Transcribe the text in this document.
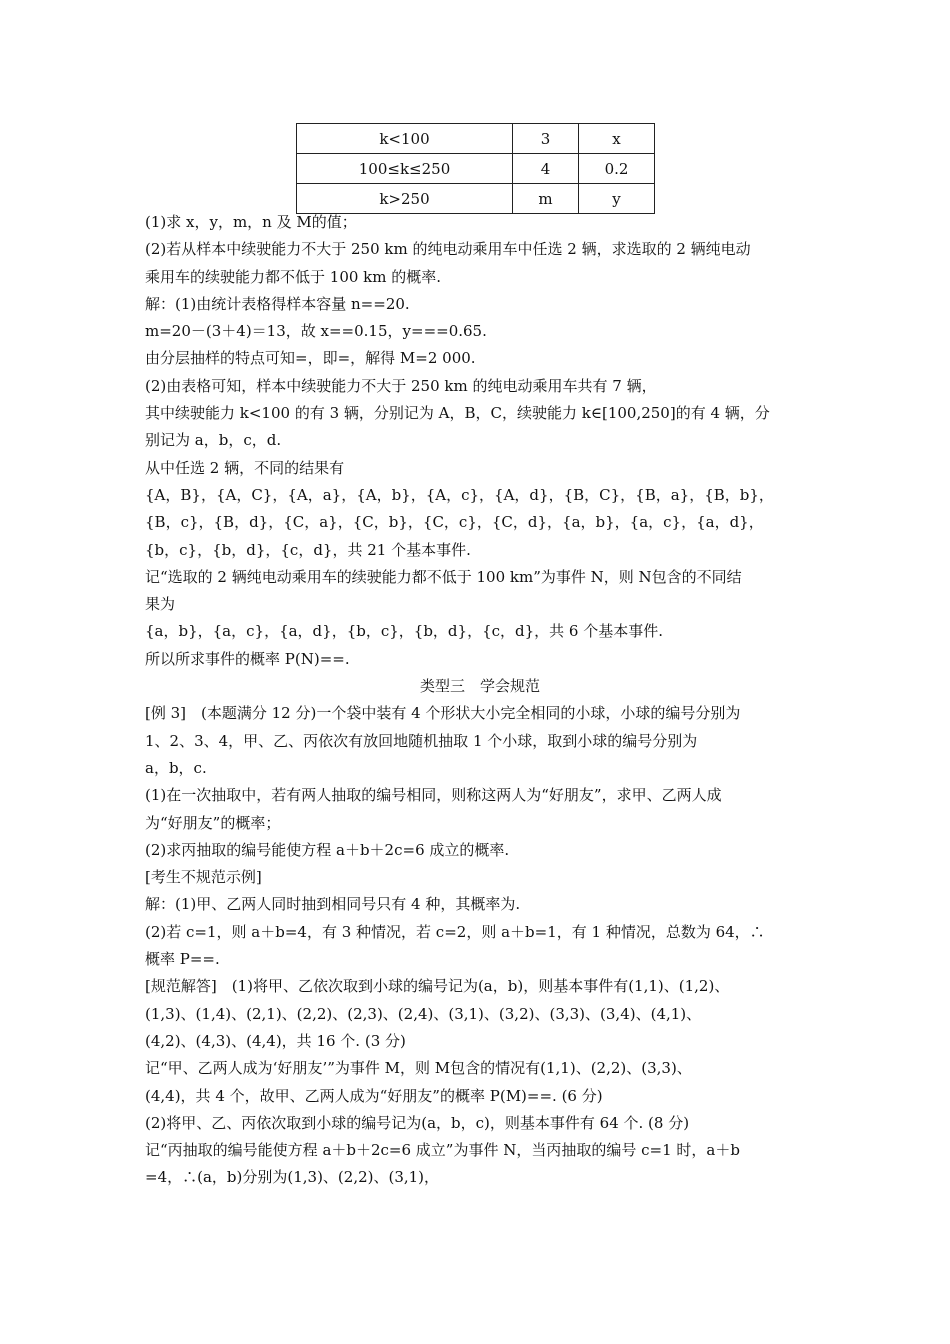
k<100	3	x
100≤k≤250	4	0.2
k>250	m	y
(1)求 x，y，m，n 及 M的值；
(2)若从样本中续驶能力不大于 250 km 的纯电动乘用车中任选 2 辆，求选取的 2 辆纯电动
乘用车的续驶能力都不低于 100 km 的概率.
解：(1)由统计表格得样本容量 n==20.
m=20－(3＋4)＝13，故 x==0.15，y===0.65.
由分层抽样的特点可知=，即=，解得 M=2 000.
(2)由表格可知，样本中续驶能力不大于 250 km 的纯电动乘用车共有 7 辆，
其中续驶能力 k<100 的有 3 辆，分别记为 A，B，C，续驶能力 k∈[100,250]的有 4 辆，分
别记为 a，b，c，d.
从中任选 2 辆，不同的结果有
{A，B}，{A，C}，{A，a}，{A，b}，{A，c}，{A，d}，{B，C}，{B，a}，{B，b}，
{B，c}，{B，d}，{C，a}，{C，b}，{C，c}，{C，d}，{a，b}，{a，c}，{a，d}，
{b，c}，{b，d}，{c，d}，共 21 个基本事件.
记“选取的 2 辆纯电动乘用车的续驶能力都不低于 100 km”为事件 N，则 N包含的不同结
果为
{a，b}，{a，c}，{a，d}，{b，c}，{b，d}，{c，d}，共 6 个基本事件.
所以所求事件的概率 P(N)==.
类型三　学会规范
[例 3]　(本题满分 12 分)一个袋中装有 4 个形状大小完全相同的小球，小球的编号分别为
1、2、3、4，甲、乙、丙依次有放回地随机抽取 1 个小球，取到小球的编号分别为
a，b，c.
(1)在一次抽取中，若有两人抽取的编号相同，则称这两人为“好朋友”，求甲、乙两人成
为“好朋友”的概率；
(2)求丙抽取的编号能使方程 a＋b＋2c=6 成立的概率.
[考生不规范示例]
解：(1)甲、乙两人同时抽到相同号只有 4 种，其概率为.
(2)若 c=1，则 a＋b=4，有 3 种情况，若 c=2，则 a＋b=1，有 1 种情况，总数为 64，∴
概率 P==.
[规范解答]　(1)将甲、乙依次取到小球的编号记为(a，b)，则基本事件有(1,1)、(1,2)、
(1,3)、(1,4)、(2,1)、(2,2)、(2,3)、(2,4)、(3,1)、(3,2)、(3,3)、(3,4)、(4,1)、
(4,2)、(4,3)、(4,4)，共 16 个. (3 分)
记“甲、乙两人成为‘好朋友’”为事件 M，则 M包含的情况有(1,1)、(2,2)、(3,3)、
(4,4)，共 4 个，故甲、乙两人成为“好朋友”的概率 P(M)==. (6 分)
(2)将甲、乙、丙依次取到小球的编号记为(a，b，c)，则基本事件有 64 个. (8 分)
记“丙抽取的编号能使方程 a＋b＋2c=6 成立”为事件 N，当丙抽取的编号 c=1 时，a＋b
=4，∴(a，b)分别为(1,3)、(2,2)、(3,1)，
